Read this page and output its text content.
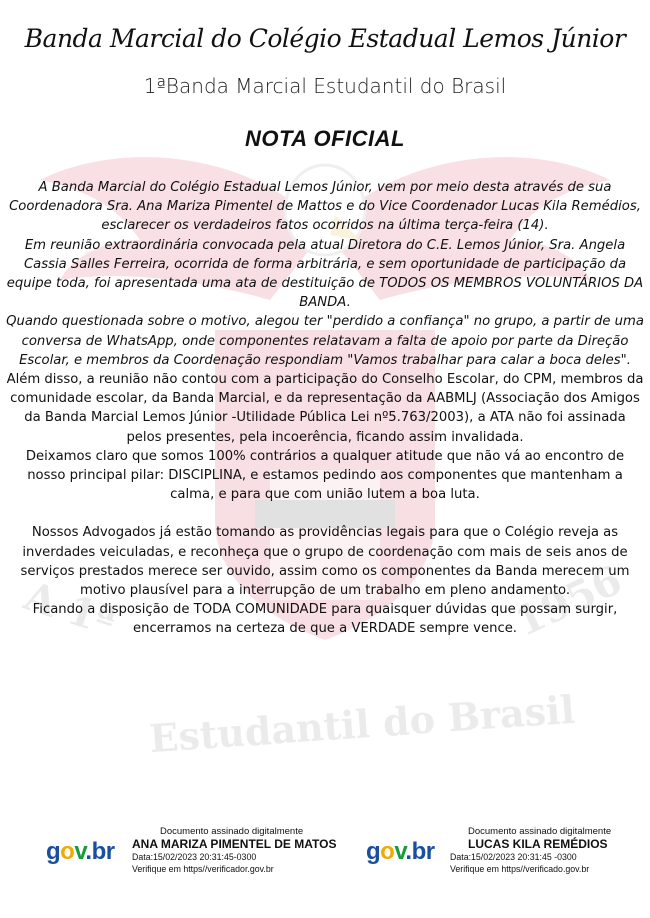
A 1ª
Estudantil do Brasil
1956
Banda Marcial do Colégio Estadual Lemos Júnior
1ªBanda Marcial Estudantil do Brasil
NOTA OFICIAL

A Banda Marcial do Colégio Estadual Lemos Júnior, vem por meio desta através de sua Coordenadora Sra. Ana Mariza Pimentel de Mattos e do Vice Coordenador Lucas Kila Remédios, esclarecer os verdadeiros fatos ocorridos na última terça-feira (14).

Em reunião extraordinária convocada pela atual Diretora do C.E. Lemos Júnior, Sra. Angela Cassia Salles Ferreira, ocorrida de forma arbitrária, e sem oportunidade de participação da equipe toda, foi apresentada uma ata de destituição de TODOS OS MEMBROS VOLUNTÁRIOS DA BANDA.

Quando questionada sobre o motivo, alegou ter "perdido a confiança" no grupo, a partir de uma conversa de WhatsApp, onde componentes relatavam a falta de apoio por parte da Direção Escolar, e membros da Coordenação respondiam "Vamos trabalhar para calar a boca deles".

Além disso, a reunião não contou com a participação do Conselho Escolar, do CPM, membros da comunidade escolar, da Banda Marcial, e da representação da AABMLJ (Associação dos Amigos da Banda Marcial Lemos Júnior -Utilidade Pública Lei nº5.763/2003), a ATA não foi assinada pelos presentes, pela incoerência, ficando assim invalidada.

Deixamos claro que somos 100% contrários a qualquer atitude que não vá ao encontro de nosso principal pilar: DISCIPLINA, e estamos pedindo aos componentes que mantenham a calma, e para que com união lutem a boa luta.

Nossos Advogados já estão tomando as providências legais para que o Colégio reveja as inverdades veiculadas, e reconheça que o grupo de coordenação com mais de seis anos de serviços prestados merece ser ouvido, assim como os componentes da Banda merecem um motivo plausível para a interrupção de um trabalho em pleno andamento.

Ficando a disposição de TODA COMUNIDADE para quaisquer dúvidas que possam surgir, encerramos na certeza de que a VERDADE sempre vence.

gov.br
Documento assinado digitalmente
ANA MARIZA PIMENTEL DE MATOS
Data:15/02/2023 20:31:45-0300
Verifique em https//verificador.gov.br
gov.br
Documento assinado digitalmente
LUCAS KILA REMÉDIOS
Data:15/02/2023 20:31:45 -0300
Verifique em https//verificado.gov.br
